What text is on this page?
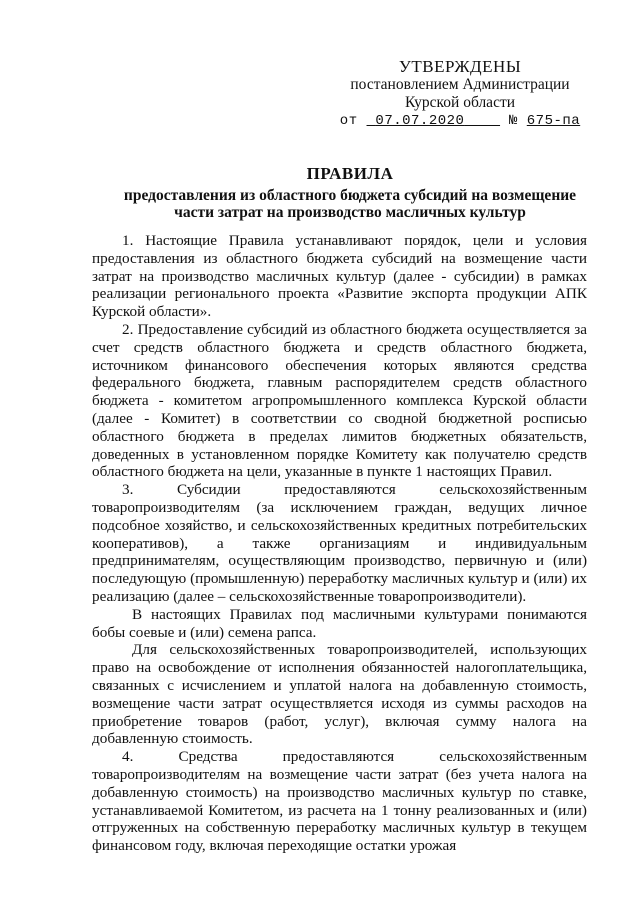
УТВЕРЖДЕНЫ
постановлением Администрации
Курской области
от 07.07.2020	№ 675-па
ПРАВИЛА
предоставления из областного бюджета субсидий на возмещение части затрат на производство масличных культур

1. Настоящие Правила устанавливают порядок, цели и условия предоставления из областного бюджета субсидий на возмещение части затрат на производство масличных культур (далее - субсидии) в рамках реализации регионального проекта «Развитие экспорта продукции АПК Курской области».

2. Предоставление субсидий из областного бюджета осуществляется за счет средств областного бюджета и средств областного бюджета, источником финансового обеспечения которых являются средства федерального бюджета, главным распорядителем средств областного бюджета - комитетом агропромышленного комплекса Курской области (далее - Комитет) в соответствии со сводной бюджетной росписью областного бюджета в пределах лимитов бюджетных обязательств, доведенных в установленном порядке Комитету как получателю средств областного бюджета на цели, указанные в пункте 1 настоящих Правил.

3. Субсидии предоставляются сельскохозяйственным товаропроизводителям (за исключением граждан, ведущих личное подсобное хозяйство, и сельскохозяйственных кредитных потребительских кооперативов), а также организациям и индивидуальным предпринимателям, осуществляющим производство, первичную и (или) последующую (промышленную) переработку масличных культур и (или) их реализацию (далее – сельскохозяйственные товаропроизводители).

В настоящих Правилах под масличными культурами понимаются бобы соевые и (или) семена рапса.

Для сельскохозяйственных товаропроизводителей, использующих право на освобождение от исполнения обязанностей налогоплательщика, связанных с исчислением и уплатой налога на добавленную стоимость, возмещение части затрат осуществляется исходя из суммы расходов на приобретение товаров (работ, услуг), включая сумму налога на добавленную стоимость.

4. Средства предоставляются сельскохозяйственным товаропроизводителям на возмещение части затрат (без учета налога на добавленную стоимость) на производство масличных культур по ставке, устанавливаемой Комитетом, из расчета на 1 тонну реализованных и (или) отгруженных на собственную переработку масличных культур в текущем финансовом году, включая переходящие остатки урожая
